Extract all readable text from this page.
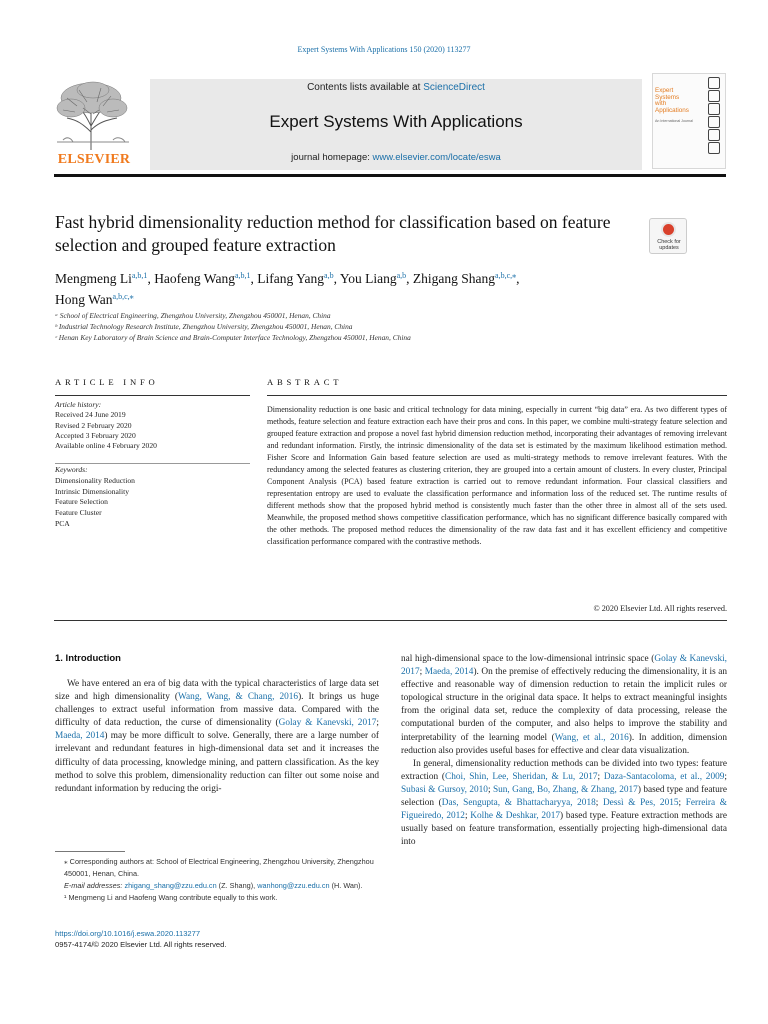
Expert Systems With Applications 150 (2020) 113277
ELSEVIER
Contents lists available at ScienceDirect
Expert Systems With Applications
journal homepage: www.elsevier.com/locate/eswa
Expert
Systems
with
Applications
An International Journal
Fast hybrid dimensionality reduction method for classification based on feature selection and grouped feature extraction	Check for updates
Mengmeng Li$^{a,b,1}$, Haofeng Wang$^{a,b,1}$, Lifang Yang$^{a,b}$, You Liang$^{a,b}$, Zhigang Shang$^{a,b,c,⁎}$,
Hong Wan$^{a,b,c,⁎}$
ᵃ School of Electrical Engineering, Zhengzhou University, Zhengzhou 450001, Henan, China
ᵇ Industrial Technology Research Institute, Zhengzhou University, Zhengzhou 450001, Henan, China
ᶜ Henan Key Laboratory of Brain Science and Brain-Computer Interface Technology, Zhengzhou 450001, Henan, China
ARTICLE INFO	ABSTRACT
Article history:
Received 24 June 2019
Revised 2 February 2020
Accepted 3 February 2020
Available online 4 February 2020
Keywords:
Dimensionality Reduction
Intrinsic Dimensionality
Feature Selection
Feature Cluster
PCA
Dimensionality reduction is one basic and critical technology for data mining, especially in current “big data” era. As two different types of methods, feature selection and feature extraction each have their pros and cons. In this paper, we combine multi-strategy feature selection and grouped feature extraction and propose a novel fast hybrid dimension reduction method, incorporating their advantages of removing irrelevant and redundant information. Firstly, the intrinsic dimensionality of the data set is estimated by the maximum likelihood estimation method. Fisher Score and Information Gain based feature selection are used as multi-strategy methods to remove irrelevant features. With the redundancy among the selected features as clustering criterion, they are grouped into a certain amount of clusters. In every cluster, Principal Component Analysis (PCA) based feature extraction is carried out to remove redundant information. Four classical classifiers and representation entropy are used to evaluate the classification performance and information loss of the reduced set. The runtime results of different methods show that the proposed hybrid method is consistently much faster than the other three in almost all of the sets used. Meanwhile, the proposed method shows competitive classification performance, which has no significant difference basically compared with the other methods. The proposed method reduces the dimensionality of the raw data fast and it has excellent efficiency and competitive classification performance compared with the contrastive methods.
© 2020 Elsevier Ltd. All rights reserved.
1. Introduction
We have entered an era of big data with the typical characteristics of large data set size and high dimensionality (Wang, Wang, & Chang, 2016). It brings us huge challenges to extract useful information from massive data. Compared with the difficulty of data reduction, the curse of dimensionality (Golay & Kanevski, 2017; Maeda, 2014) may be more difficult to solve. Generally, there are a large number of irrelevant and redundant features in high-dimensional data set and it increases the difficulty of data processing, knowledge mining, and pattern classification. As the key method to solve this problem, dimensionality reduction can filter out some noise and redundant information by reducing the origi-

nal high-dimensional space to the low-dimensional intrinsic space (Golay & Kanevski, 2017; Maeda, 2014). On the premise of effectively reducing the dimensionality, it is an effective and reasonable way of dimension reduction to retain the implicit rules or topological structure in the original data space. It helps to extract meaningful insights from the original data set, reduce the complexity of data processing, release the computational burden of the computer, and also helps to improve the stability and interpretability of the learning model (Wang, et al., 2016). In addition, dimension reduction also provides useful bases for effective and clear data visualization.

In general, dimensionality reduction methods can be divided into two types: feature extraction (Choi, Shin, Lee, Sheridan, & Lu, 2017; Daza-Santacoloma, et al., 2009; Subasi & Gursoy, 2010; Sun, Gang, Bo, Zhang, & Zhang, 2017) based type and feature selection (Das, Sengupta, & Bhattacharyya, 2018; Dessì & Pes, 2015; Ferreira & Figueiredo, 2012; Kolhe & Deshkar, 2017) based type. Feature extraction methods are usually based on feature transformation, essentially projecting high-dimensional data into

⁎ Corresponding authors at: School of Electrical Engineering, Zhengzhou University, Zhengzhou 450001, Henan, China.
E-mail addresses: zhigang_shang@zzu.edu.cn (Z. Shang), wanhong@zzu.edu.cn (H. Wan).
¹ Mengmeng Li and Haofeng Wang contribute equally to this work.
https://doi.org/10.1016/j.eswa.2020.113277
0957-4174/© 2020 Elsevier Ltd. All rights reserved.
